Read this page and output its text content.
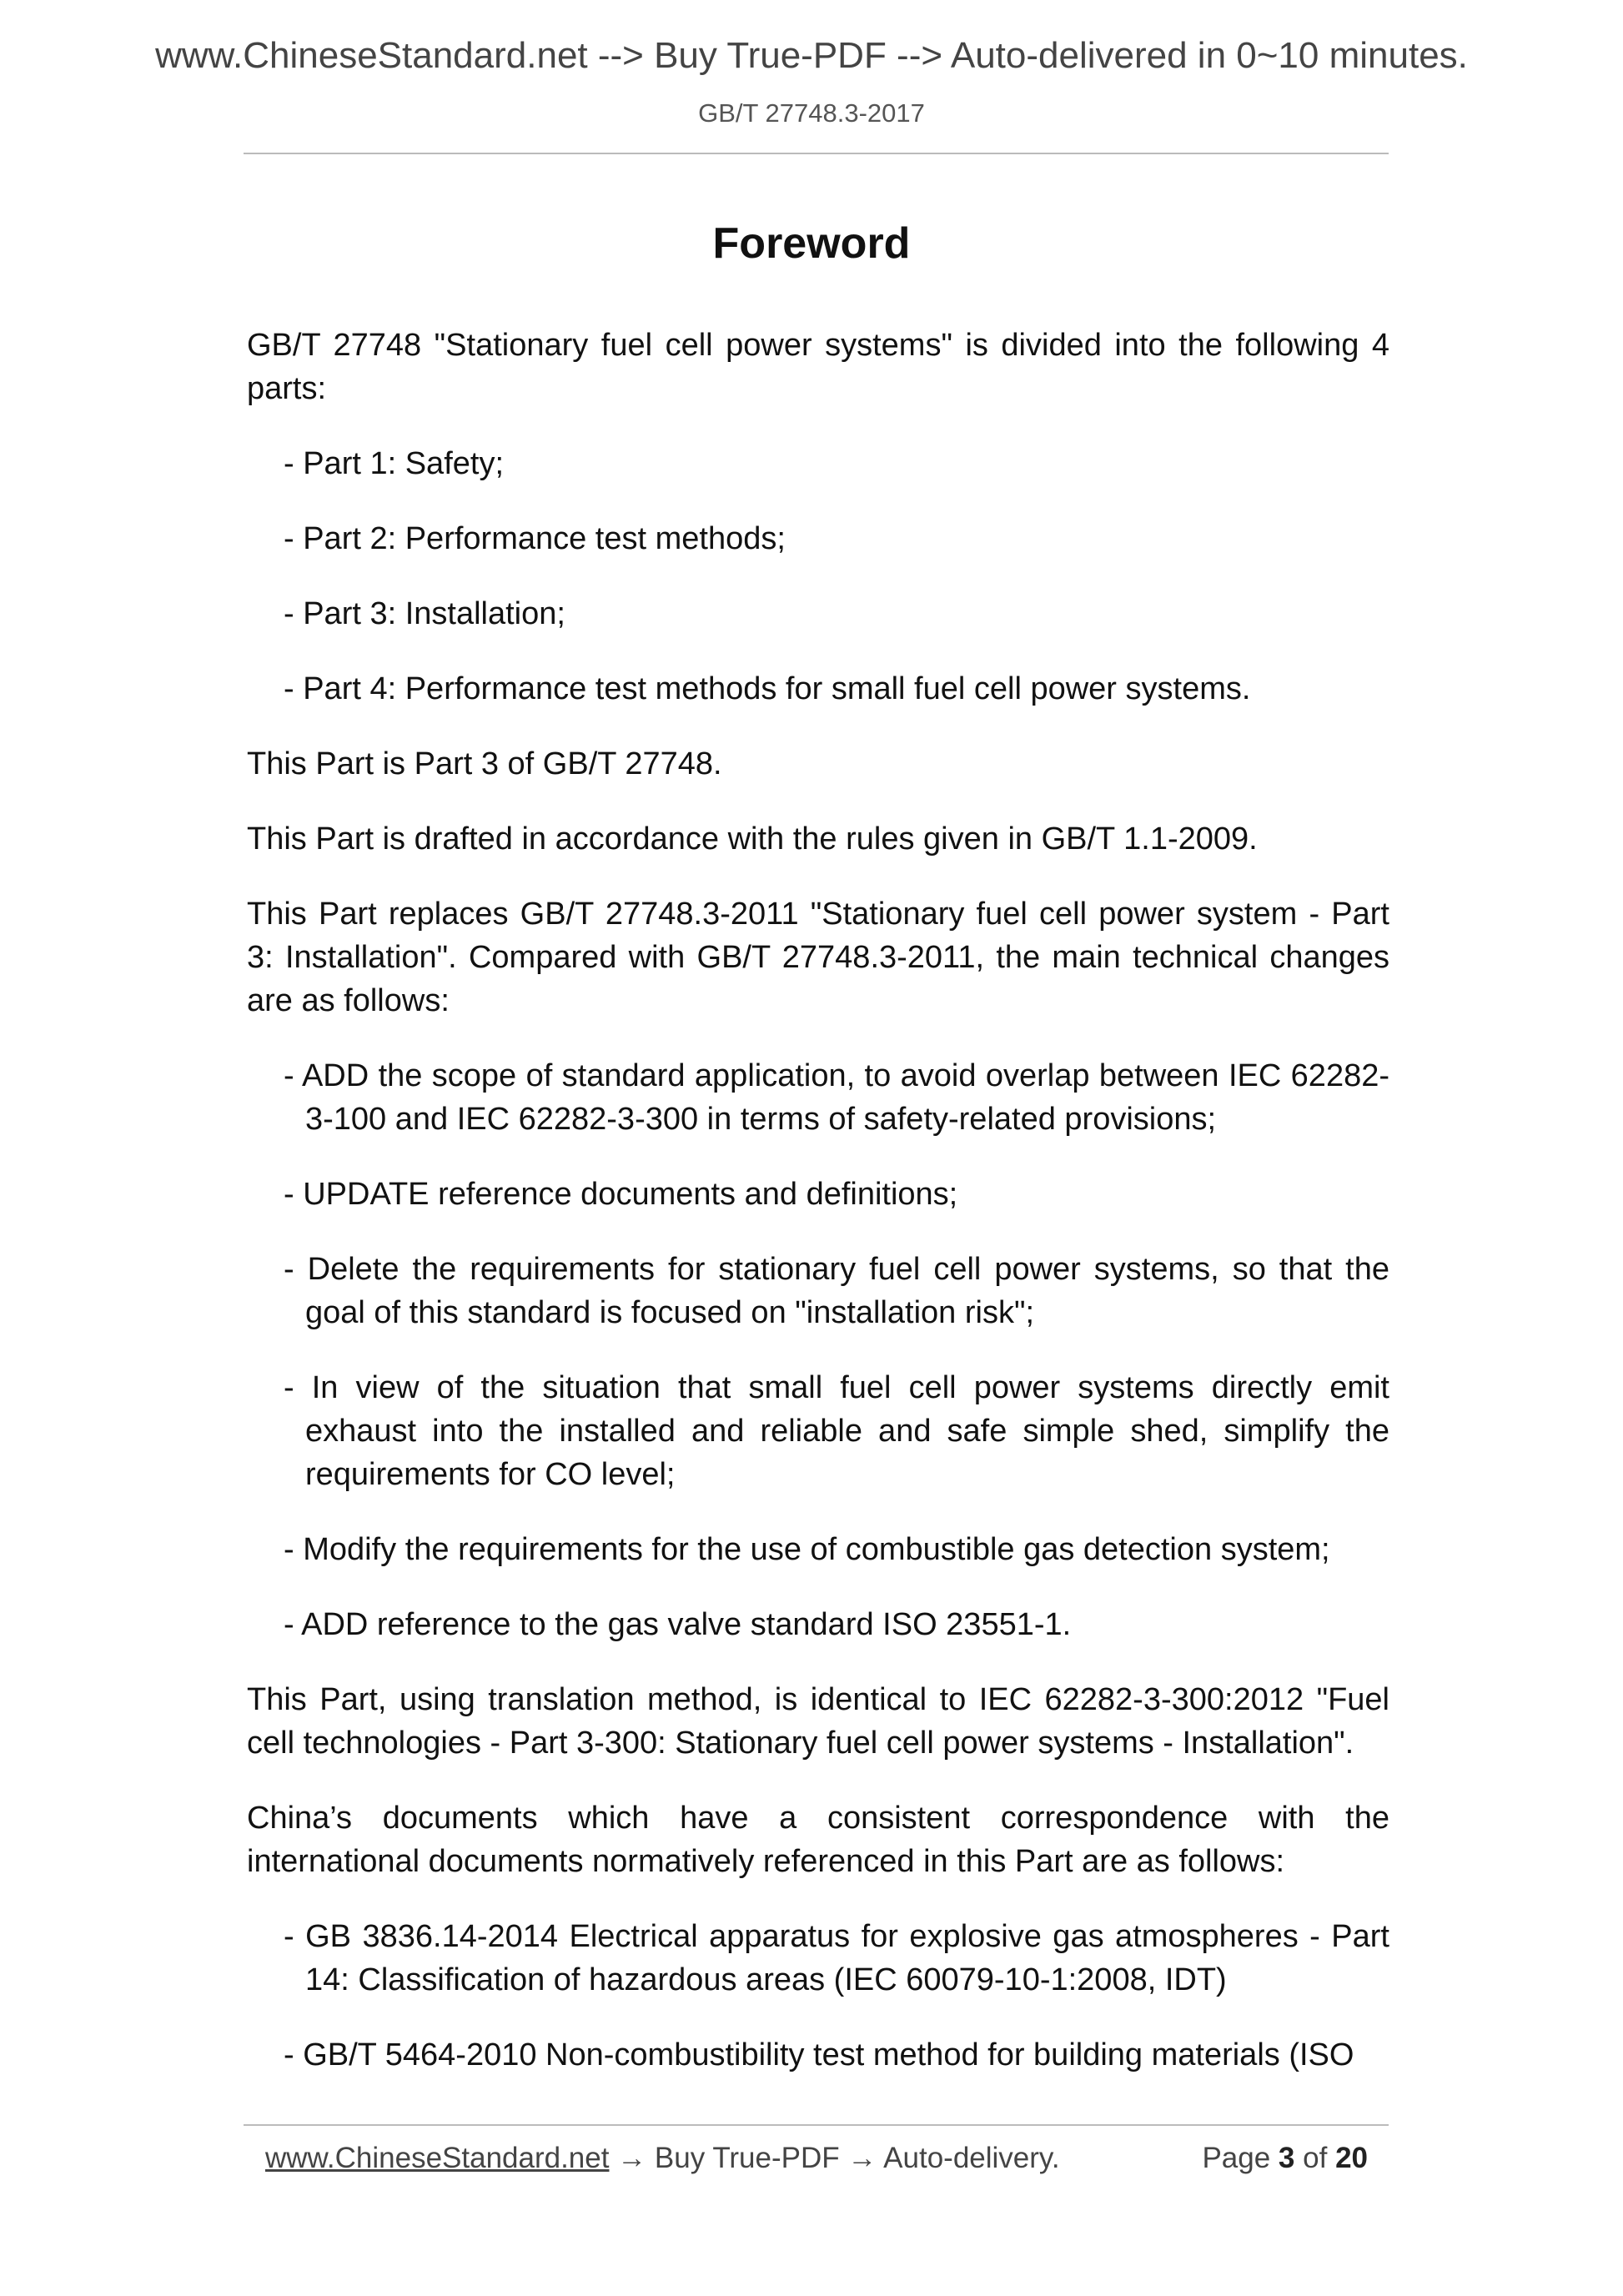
www.ChineseStandard.net --> Buy True-PDF --> Auto-delivered in 0~10 minutes.
GB/T 27748.3-2017
Foreword

GB/T 27748 "Stationary fuel cell power systems" is divided into the following 4 parts:

- Part 1: Safety;

- Part 2: Performance test methods;

- Part 3: Installation;

- Part 4: Performance test methods for small fuel cell power systems.

This Part is Part 3 of GB/T 27748.

This Part is drafted in accordance with the rules given in GB/T 1.1-2009.

This Part replaces GB/T 27748.3-2011 "Stationary fuel cell power system - Part 3: Installation". Compared with GB/T 27748.3-2011, the main technical changes are as follows:

- ADD the scope of standard application, to avoid overlap between IEC 62282-3-100 and IEC 62282-3-300 in terms of safety-related provisions;

- UPDATE reference documents and definitions;

- Delete the requirements for stationary fuel cell power systems, so that the goal of this standard is focused on "installation risk";

- In view of the situation that small fuel cell power systems directly emit exhaust into the installed and reliable and safe simple shed, simplify the requirements for CO level;

- Modify the requirements for the use of combustible gas detection system;

- ADD reference to the gas valve standard ISO 23551-1.

This Part, using translation method, is identical to IEC 62282-3-300:2012 "Fuel cell technologies - Part 3-300: Stationary fuel cell power systems - Installation".

China’s documents which have a consistent correspondence with the international documents normatively referenced in this Part are as follows:

- GB 3836.14-2014 Electrical apparatus for explosive gas atmospheres - Part 14: Classification of hazardous areas (IEC 60079-10-1:2008, IDT)

- GB/T 5464-2010 Non-combustibility test method for building materials (ISO

www.ChineseStandard.net → Buy True-PDF → Auto-delivery.	Page 3 of 20
